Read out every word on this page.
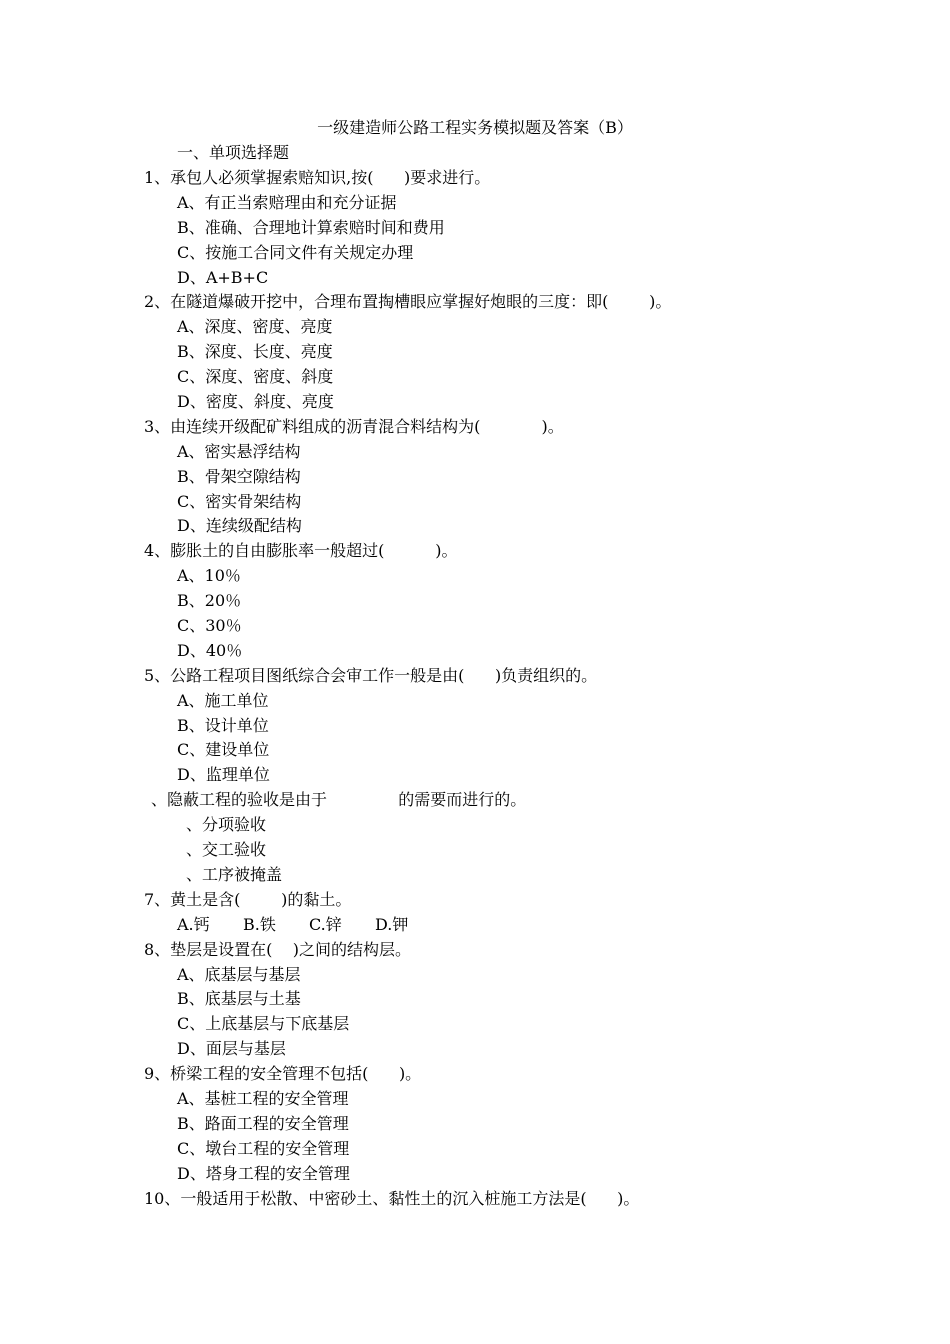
一级建造师公路工程实务模拟题及答案（B）
一、单项选择题
1、承包人必须掌握索赔知识,按(      )要求进行。
A、有正当索赔理由和充分证据
B、准确、合理地计算索赔时间和费用
C、按施工合同文件有关规定办理
D、A+B+C
2、在隧道爆破开挖中，合理布置掏槽眼应掌握好炮眼的三度：即(        )。
A、深度、密度、亮度
B、深度、长度、亮度
C、深度、密度、斜度
D、密度、斜度、亮度
3、由连续开级配矿料组成的沥青混合料结构为(            )。
A、密实悬浮结构
B、骨架空隙结构
C、密实骨架结构
D、连续级配结构
4、膨胀土的自由膨胀率一般超过(          )。
A、10％
B、20％
C、30％
D、40％
5、公路工程项目图纸综合会审工作一般是由(      )负责组织的。
A、施工单位
B、设计单位
C、建设单位
D、监理单位
、隐蔽工程的验收是由于              的需要而进行的。
、分项验收
、交工验收
、工序被掩盖
7、黄土是含(        )的黏土。
A.钙	B.铁	C.锌	D.钾
8、垫层是设置在(    )之间的结构层。
A、底基层与基层
B、底基层与土基
C、上底基层与下底基层
D、面层与基层
9、桥梁工程的安全管理不包括(      )。
A、基桩工程的安全管理
B、路面工程的安全管理
C、墩台工程的安全管理
D、塔身工程的安全管理
10、一般适用于松散、中密砂土、黏性土的沉入桩施工方法是(      )。
